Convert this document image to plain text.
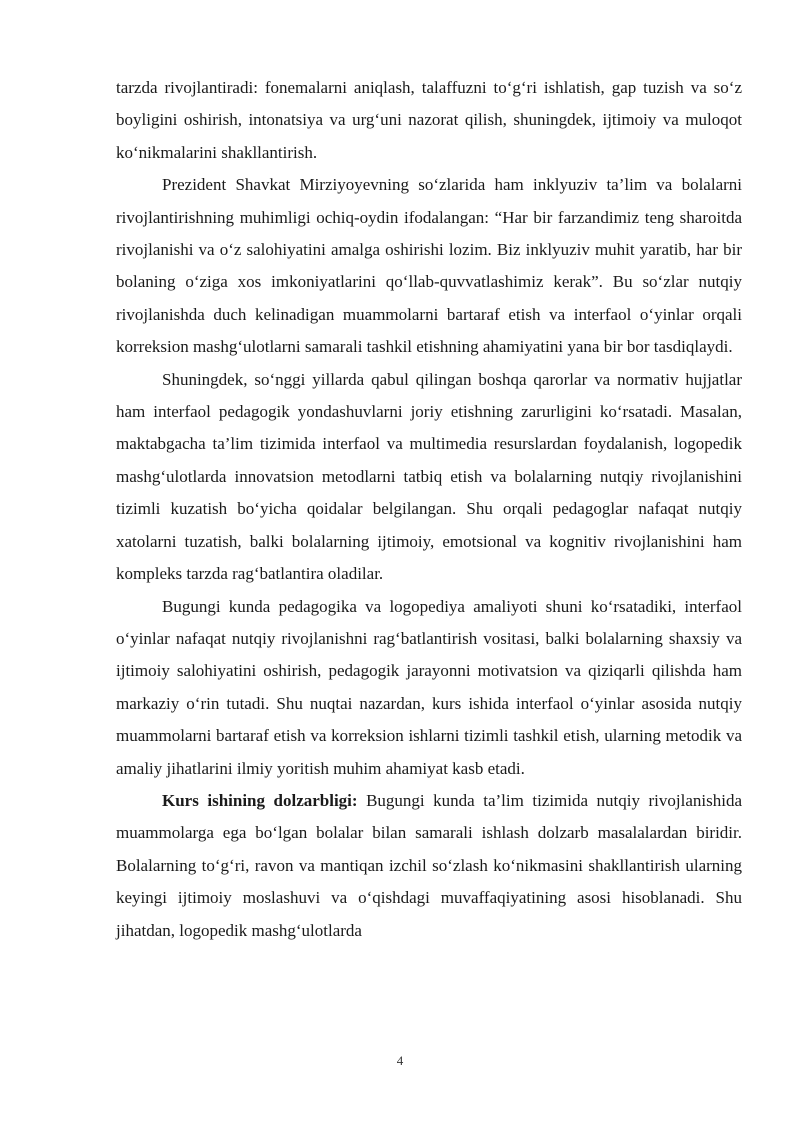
tarzda rivojlantiradi: fonemalarni aniqlash, talaffuzni to‘g‘ri ishlatish, gap tuzish va so‘z boyligini oshirish, intonatsiya va urg‘uni nazorat qilish, shuningdek, ijtimoiy va muloqot ko‘nikmalarini shakllantirish.

Prezident Shavkat Mirziyoyevning so‘zlarida ham inklyuziv ta’lim va bolalarni rivojlantirishning muhimligi ochiq-oydin ifodalangan: “Har bir farzandimiz teng sharoitda rivojlanishi va o‘z salohiyatini amalga oshirishi lozim. Biz inklyuziv muhit yaratib, har bir bolaning o‘ziga xos imkoniyatlarini qo‘llab-quvvatlashimiz kerak”. Bu so‘zlar nutqiy rivojlanishda duch kelinadigan muammolarni bartaraf etish va interfaol o‘yinlar orqali korreksion mashg‘ulotlarni samarali tashkil etishning ahamiyatini yana bir bor tasdiqlaydi.

Shuningdek, so‘nggi yillarda qabul qilingan boshqa qarorlar va normativ hujjatlar ham interfaol pedagogik yondashuvlarni joriy etishning zarurligini ko‘rsatadi. Masalan, maktabgacha ta’lim tizimida interfaol va multimedia resurslardan foydalanish, logopedik mashg‘ulotlarda innovatsion metodlarni tatbiq etish va bolalarning nutqiy rivojlanishini tizimli kuzatish bo‘yicha qoidalar belgilangan. Shu orqali pedagoglar nafaqat nutqiy xatolarni tuzatish, balki bolalarning ijtimoiy, emotsional va kognitiv rivojlanishini ham kompleks tarzda rag‘batlantira oladilar.

Bugungi kunda pedagogika va logopediya amaliyoti shuni ko‘rsatadiki, interfaol o‘yinlar nafaqat nutqiy rivojlanishni rag‘batlantirish vositasi, balki bolalarning shaxsiy va ijtimoiy salohiyatini oshirish, pedagogik jarayonni motivatsion va qiziqarli qilishda ham markaziy o‘rin tutadi. Shu nuqtai nazardan, kurs ishida interfaol o‘yinlar asosida nutqiy muammolarni bartaraf etish va korreksion ishlarni tizimli tashkil etish, ularning metodik va amaliy jihatlarini ilmiy yoritish muhim ahamiyat kasb etadi.

Kurs ishining dolzarbligi: Bugungi kunda ta’lim tizimida nutqiy rivojlanishida muammolarga ega bo‘lgan bolalar bilan samarali ishlash dolzarb masalalardan biridir. Bolalarning to‘g‘ri, ravon va mantiqan izchil so‘zlash ko‘nikmasini shakllantirish ularning keyingi ijtimoiy moslashuvi va o‘qishdagi muvaffaqiyatining asosi hisoblanadi. Shu jihatdan, logopedik mashg‘ulotlarda

4
